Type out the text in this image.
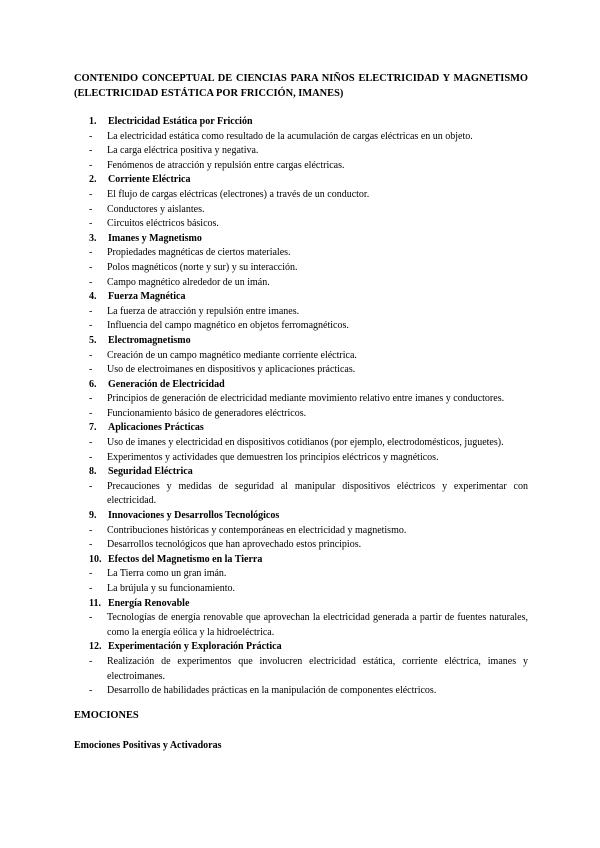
CONTENIDO CONCEPTUAL DE CIENCIAS PARA NIÑOS ELECTRICIDAD Y MAGNETISMO (ELECTRICIDAD ESTÁTICA POR FRICCIÓN, IMANES)

1.	Electricidad Estática por Fricción
-	La electricidad estática como resultado de la acumulación de cargas eléctricas en un objeto.
-	La carga eléctrica positiva y negativa.
-	Fenómenos de atracción y repulsión entre cargas eléctricas.
2.	Corriente Eléctrica
-	El flujo de cargas eléctricas (electrones) a través de un conductor.
-	Conductores y aislantes.
-	Circuitos eléctricos básicos.
3.	Imanes y Magnetismo
-	Propiedades magnéticas de ciertos materiales.
-	Polos magnéticos (norte y sur) y su interacción.
-	Campo magnético alrededor de un imán.
4.	Fuerza Magnética
-	La fuerza de atracción y repulsión entre imanes.
-	Influencia del campo magnético en objetos ferromagnéticos.
5.	Electromagnetismo
-	Creación de un campo magnético mediante corriente eléctrica.
-	Uso de electroimanes en dispositivos y aplicaciones prácticas.
6.	Generación de Electricidad
-	Principios de generación de electricidad mediante movimiento relativo entre imanes y conductores.
-	Funcionamiento básico de generadores eléctricos.
7.	Aplicaciones Prácticas
-	Uso de imanes y electricidad en dispositivos cotidianos (por ejemplo, electrodomésticos, juguetes).
-	Experimentos y actividades que demuestren los principios eléctricos y magnéticos.
8.	Seguridad Eléctrica
-	Precauciones y medidas de seguridad al manipular dispositivos eléctricos y experimentar con electricidad.
9.	Innovaciones y Desarrollos Tecnológicos
-	Contribuciones históricas y contemporáneas en electricidad y magnetismo.
-	Desarrollos tecnológicos que han aprovechado estos principios.
10. Efectos del Magnetismo en la Tierra
-	La Tierra como un gran imán.
-	La brújula y su funcionamiento.
11. Energía Renovable
-	Tecnologías de energía renovable que aprovechan la electricidad generada a partir de fuentes naturales, como la energía eólica y la hidroeléctrica.
12. Experimentación y Exploración Práctica
-	Realización de experimentos que involucren electricidad estática, corriente eléctrica, imanes y electroimanes.
-	Desarrollo de habilidades prácticas en la manipulación de componentes eléctricos.
EMOCIONES
Emociones Positivas y Activadoras
